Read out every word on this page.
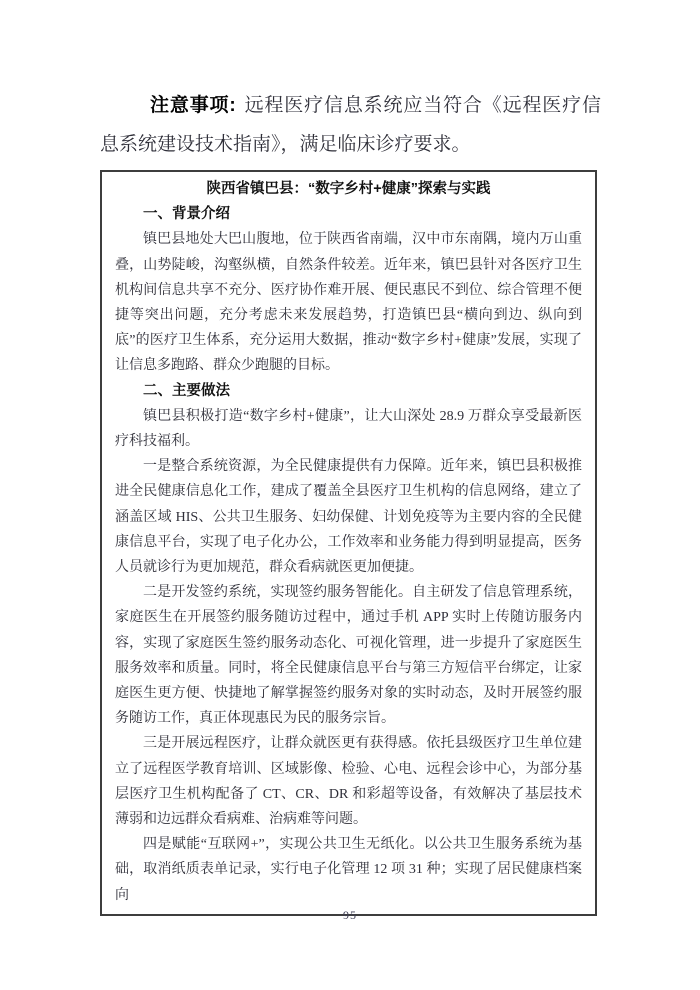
注意事项: 远程医疗信息系统应当符合《远程医疗信息系统建设技术指南》，满足临床诊疗要求。
陕西省镇巴县：“数字乡村+健康”探索与实践
一、背景介绍

镇巴县地处大巴山腹地，位于陕西省南端，汉中市东南隅，境内万山重叠，山势陡峻，沟壑纵横，自然条件较差。近年来，镇巴县针对各医疗卫生机构间信息共享不充分、医疗协作难开展、便民惠民不到位、综合管理不便捷等突出问题，充分考虑未来发展趋势，打造镇巴县“横向到边、纵向到底”的医疗卫生体系，充分运用大数据，推动“数字乡村+健康”发展，实现了让信息多跑路、群众少跑腿的目标。

二、主要做法

镇巴县积极打造“数字乡村+健康”，让大山深处 28.9 万群众享受最新医疗科技福利。

一是整合系统资源，为全民健康提供有力保障。近年来，镇巴县积极推进全民健康信息化工作，建成了覆盖全县医疗卫生机构的信息网络，建立了涵盖区域 HIS、公共卫生服务、妇幼保健、计划免疫等为主要内容的全民健康信息平台，实现了电子化办公，工作效率和业务能力得到明显提高，医务人员就诊行为更加规范，群众看病就医更加便捷。

二是开发签约系统，实现签约服务智能化。自主研发了信息管理系统，家庭医生在开展签约服务随访过程中，通过手机 APP 实时上传随访服务内容，实现了家庭医生签约服务动态化、可视化管理，进一步提升了家庭医生服务效率和质量。同时，将全民健康信息平台与第三方短信平台绑定，让家庭医生更方便、快捷地了解掌握签约服务对象的实时动态，及时开展签约服务随访工作，真正体现惠民为民的服务宗旨。

三是开展远程医疗，让群众就医更有获得感。依托县级医疗卫生单位建立了远程医学教育培训、区域影像、检验、心电、远程会诊中心，为部分基层医疗卫生机构配备了 CT、CR、DR 和彩超等设备，有效解决了基层技术薄弱和边远群众看病难、治病难等问题。

四是赋能“互联网+”，实现公共卫生无纸化。以公共卫生服务系统为基础，取消纸质表单记录，实行电子化管理 12 项 31 种；实现了居民健康档案向

95
